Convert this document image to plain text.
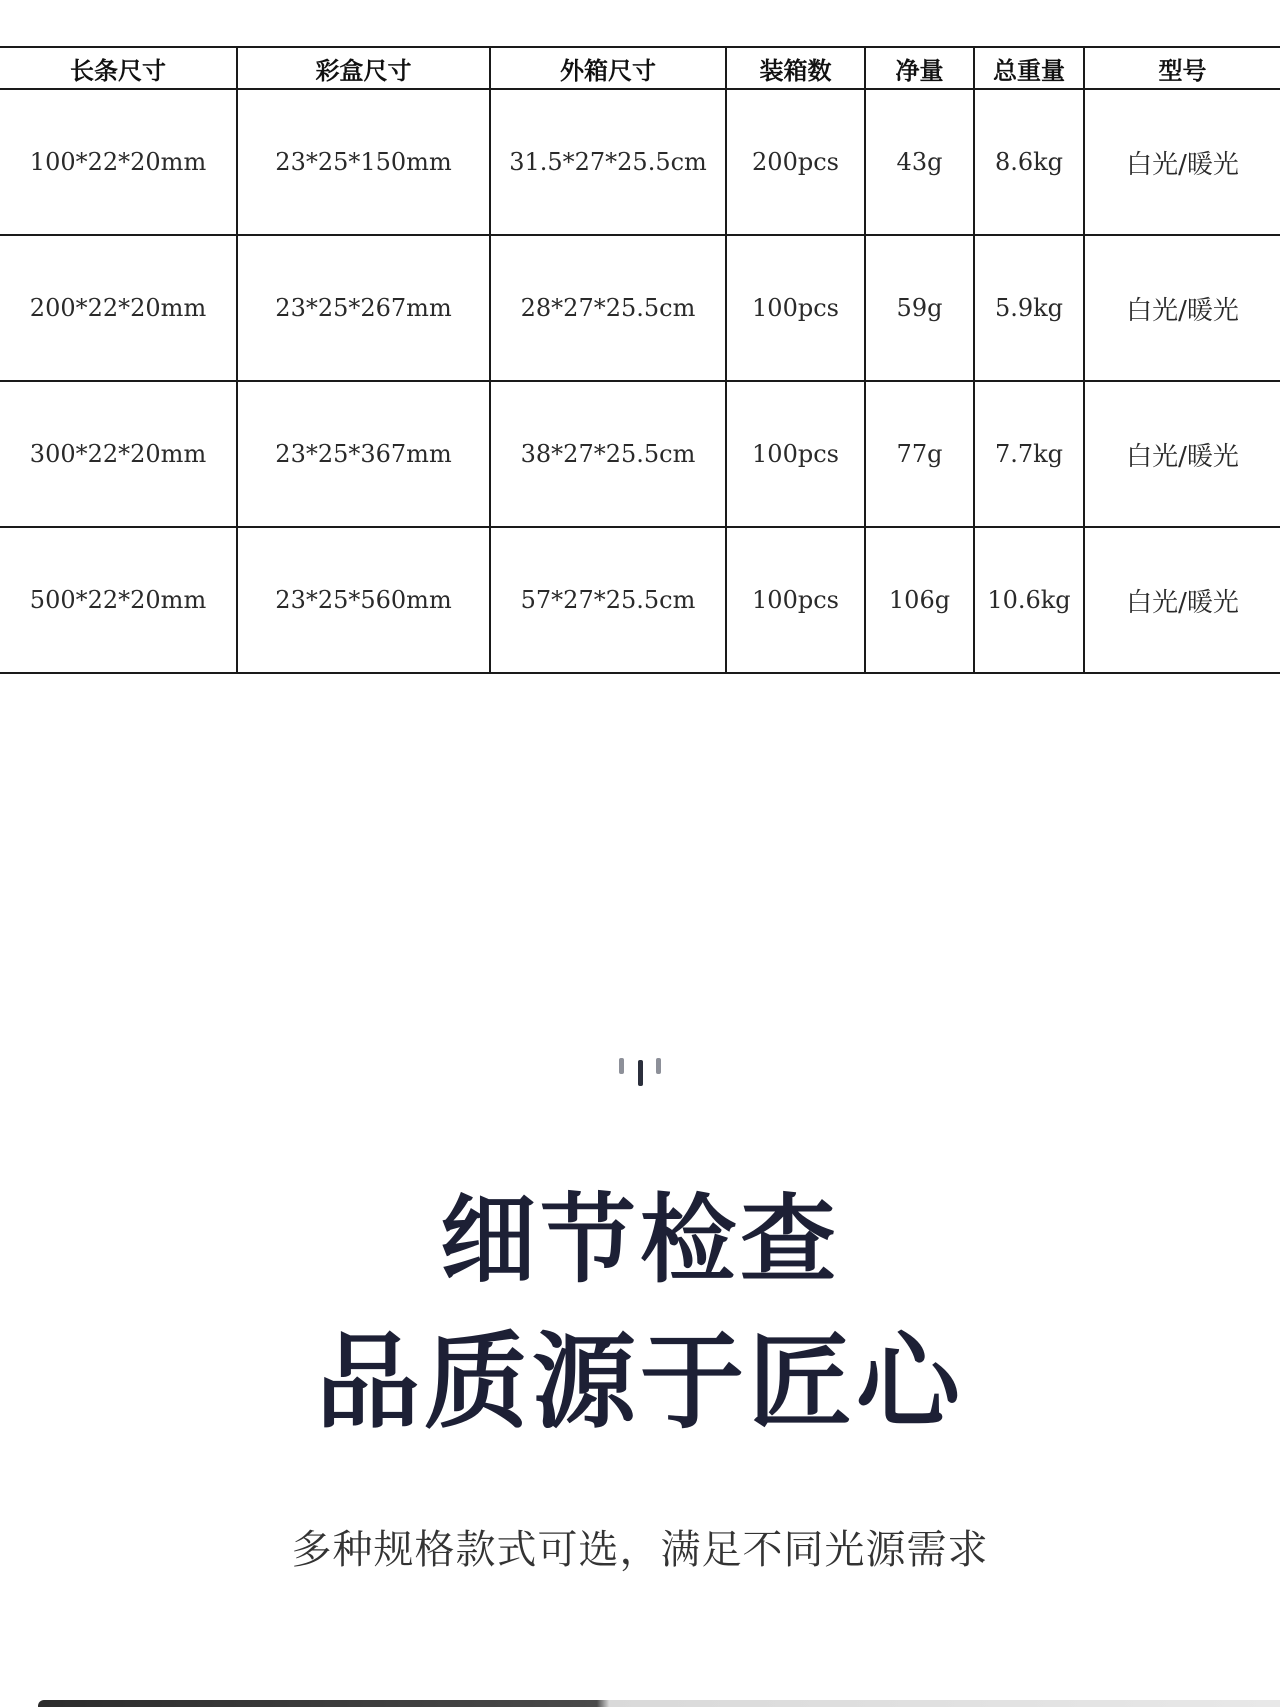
长条尺寸	彩盒尺寸	外箱尺寸	装箱数	净量	总重量	型号
100*22*20mm	23*25*150mm	31.5*27*25.5cm	200pcs	43g	8.6kg	白光/暖光
200*22*20mm	23*25*267mm	28*27*25.5cm	100pcs	59g	5.9kg	白光/暖光
300*22*20mm	23*25*367mm	38*27*25.5cm	100pcs	77g	7.7kg	白光/暖光
500*22*20mm	23*25*560mm	57*27*25.5cm	100pcs	106g	10.6kg	白光/暖光
细节检查
品质源于匠心
多种规格款式可选，满足不同光源需求
